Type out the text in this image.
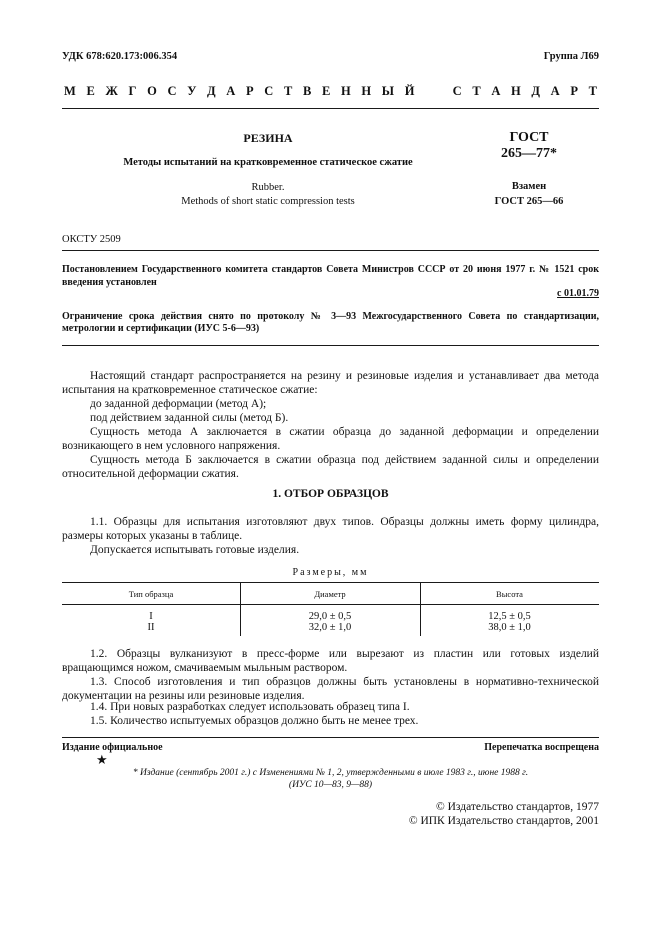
УДК 678:620.173:006.354	Группа Л69

М Е Ж Г О С У Д А Р С Т В Е Н Н Ы Й

	С Т А Н Д А Р Т

РЕЗИНА

Методы испытаний на кратковременное статическое сжатие

Rubber.

Methods of short static compression tests

ГОСТ

265—77*

Взамен

ГОСТ 265—66

ОКСТУ 2509

Постановлением Государственного комитета стандартов Совета Министров СССР от 20 июня 1977 г. № 1521 срок введения установлен

с 01.01.79

Ограничение срока действия снято по протоколу № 3—93 Межгосударственного Совета по стандартизации, метрологии и сертификации (ИУС 5-6—93)

Настоящий стандарт распространяется на резину и резиновые изделия и устанавливает два метода испытания на кратковременное статическое сжатие:

до заданной деформации (метод А);

под действием заданной силы (метод Б).

Сущность метода А заключается в сжатии образца до заданной деформации и определении возникающего в нем условного напряжения.

Сущность метода Б заключается в сжатии образца под действием заданной силы и определении относительной деформации сжатия.

1. ОТБОР ОБРАЗЦОВ

1.1. Образцы для испытания изготовляют двух типов. Образцы должны иметь форму цилиндра, размеры которых указаны в таблице.

Допускается испытывать готовые изделия.

Размеры, мм

Тип образца	Диаметр	Высота

I	29,0 ± 0,5	12,5 ± 0,5

II	32,0 ± 1,0	38,0 ± 1,0

1.2. Образцы вулканизуют в пресс-форме или вырезают из пластин или готовых изделий вращающимся ножом, смачиваемым мыльным раствором.

1.3. Способ изготовления и тип образцов должны быть установлены в нормативно-технической документации на резины или резиновые изделия.

1.4. При новых разработках следует использовать образец типа I.

1.5. Количество испытуемых образцов должно быть не менее трех.

Издание официальное	Перепечатка воспрещена

★

* Издание (сентябрь 2001 г.) с Изменениями № 1, 2, утвержденными в июле 1983 г., июне 1988 г.

(ИУС 10—83, 9—88)

© Издательство стандартов, 1977

© ИПК Издательство стандартов, 2001
